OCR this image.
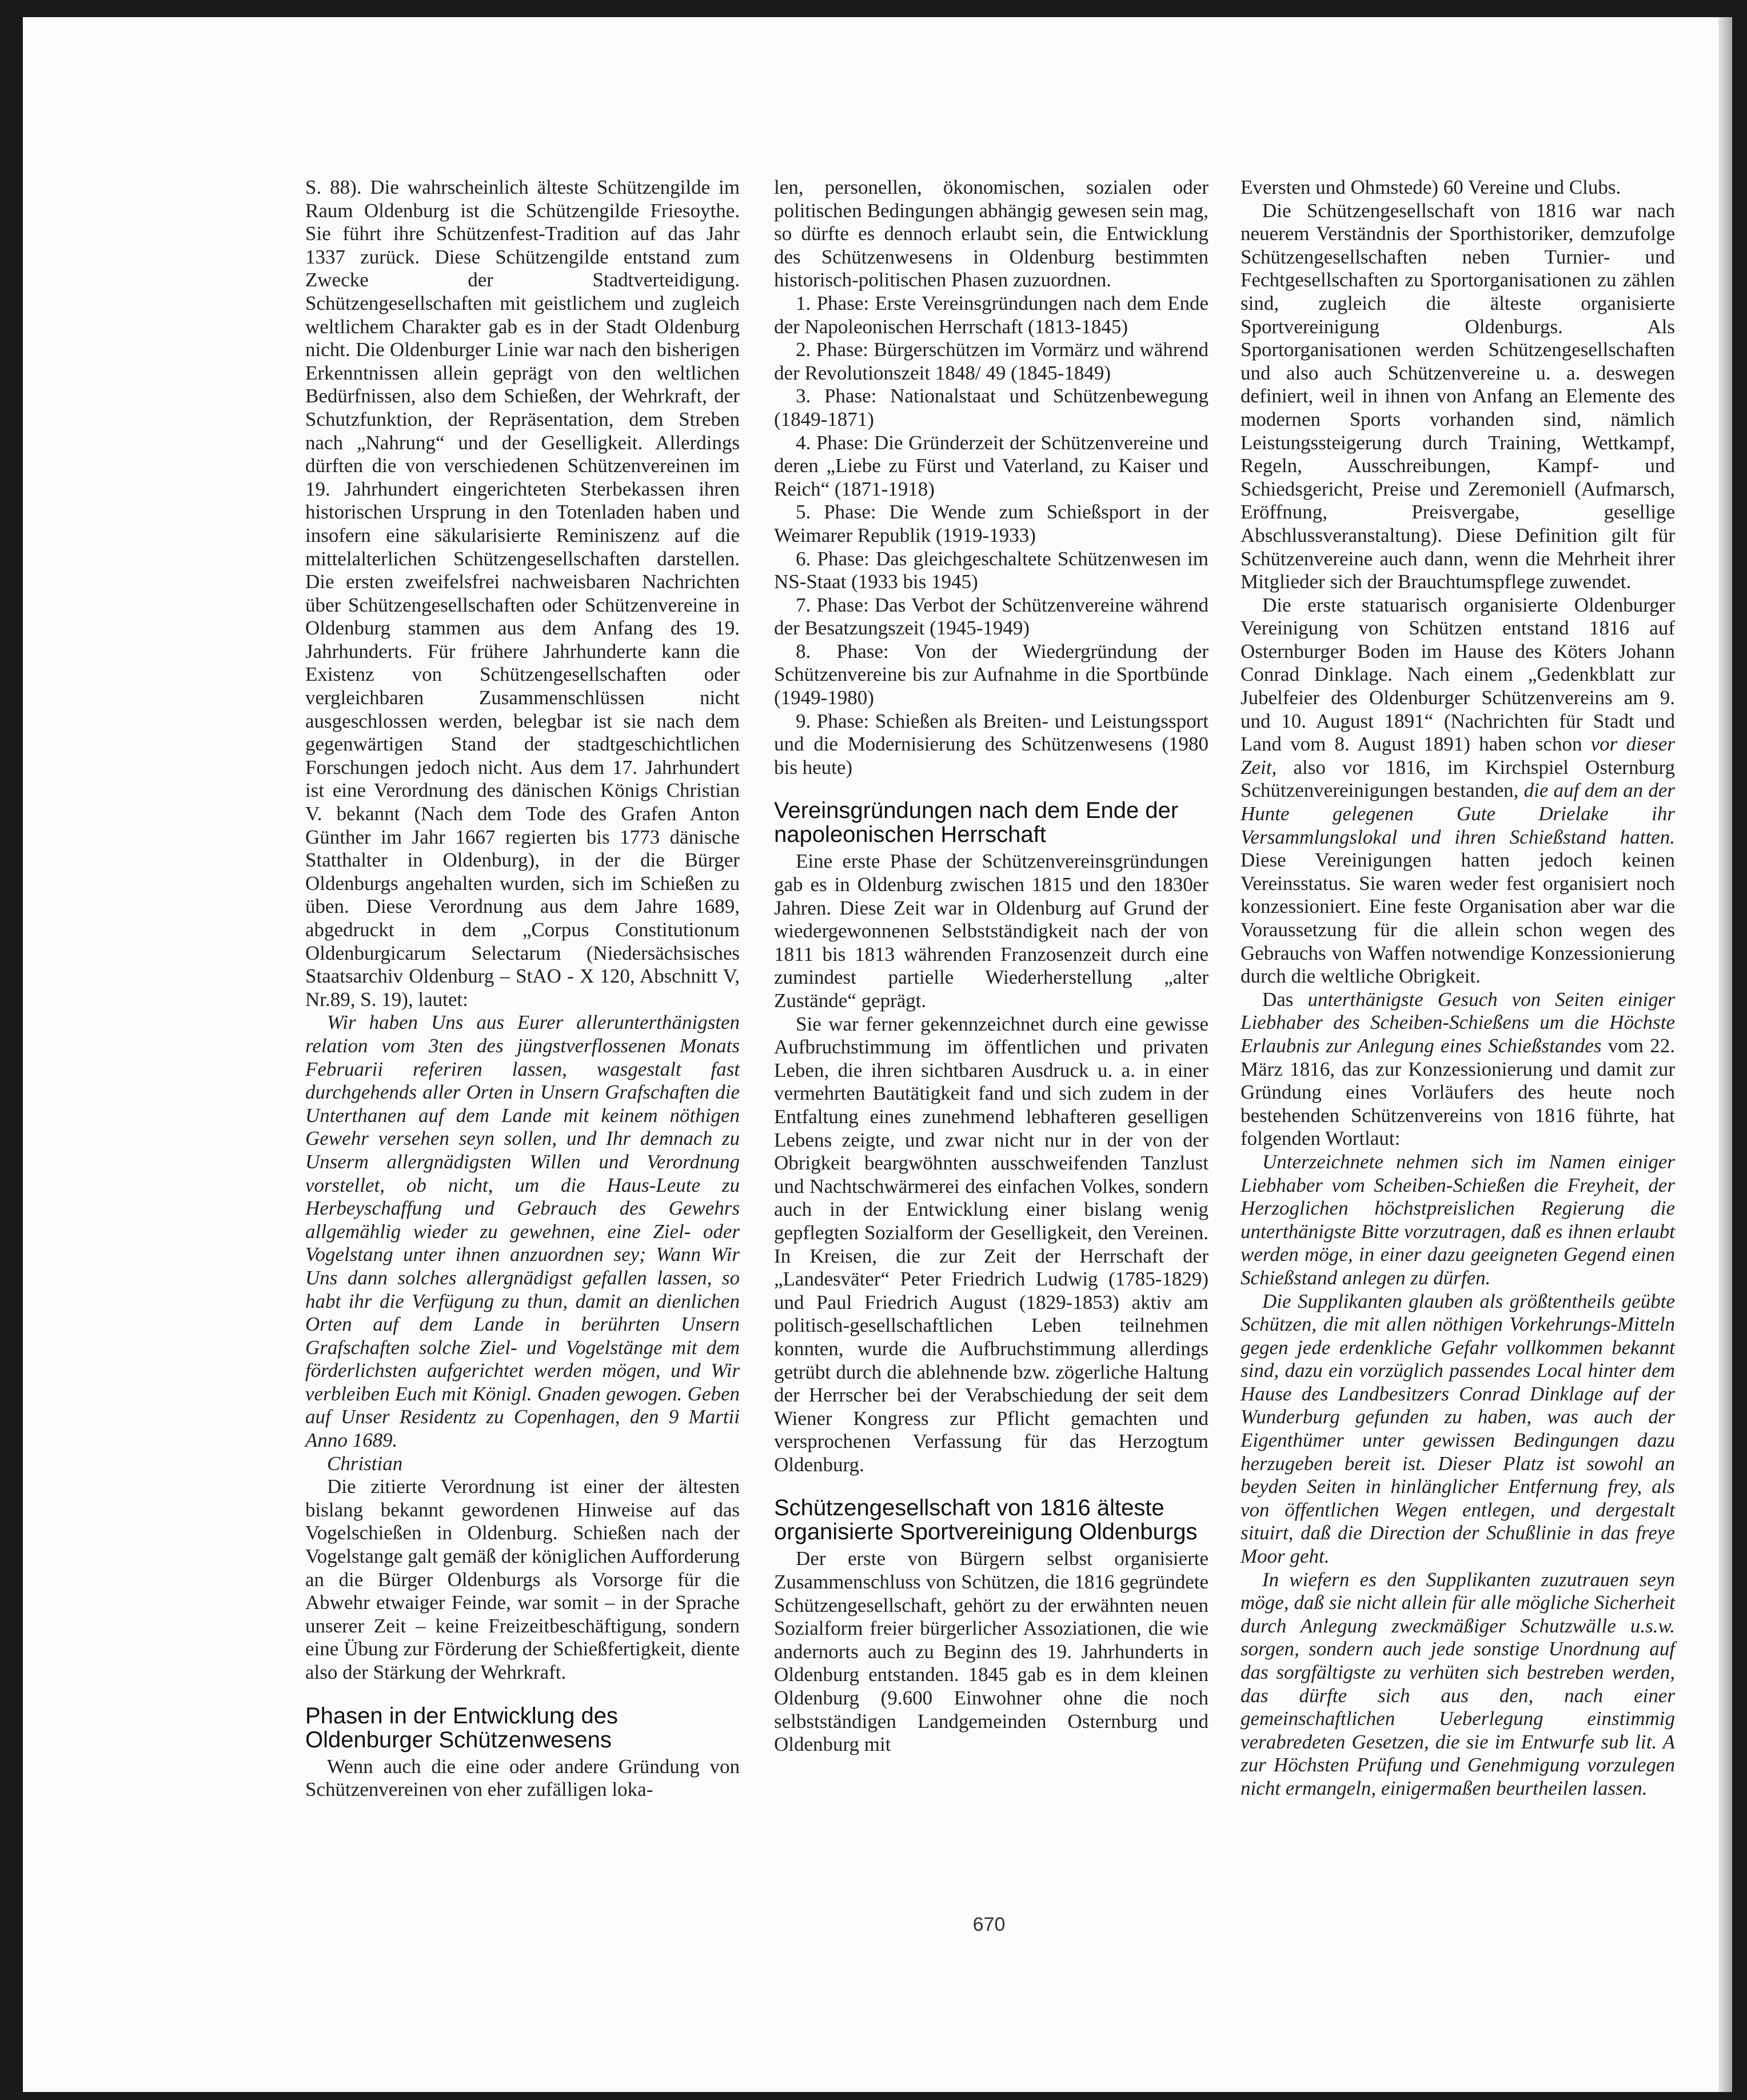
S. 88). Die wahrscheinlich älteste Schützengilde im Raum Oldenburg ist die Schützengilde Friesoythe. Sie führt ihre Schützenfest-Tradition auf das Jahr 1337 zurück. Diese Schützengilde entstand zum Zwecke der Stadtverteidigung. Schützengesellschaften mit geistlichem und zugleich weltlichem Charakter gab es in der Stadt Oldenburg nicht. Die Oldenburger Linie war nach den bisherigen Erkenntnissen allein geprägt von den weltlichen Bedürfnissen, also dem Schießen, der Wehrkraft, der Schutzfunktion, der Repräsentation, dem Streben nach „Nahrung“ und der Geselligkeit. Allerdings dürften die von verschiedenen Schützenvereinen im 19. Jahrhundert eingerichteten Sterbekassen ihren historischen Ursprung in den Totenladen haben und insofern eine säkularisierte Reminiszenz auf die mittelalterlichen Schützengesellschaften darstellen. Die ersten zweifelsfrei nachweisbaren Nachrichten über Schützengesellschaften oder Schützenvereine in Oldenburg stammen aus dem Anfang des 19. Jahrhunderts. Für frühere Jahrhunderte kann die Existenz von Schützengesellschaften oder vergleichbaren Zusammenschlüssen nicht ausgeschlossen werden, belegbar ist sie nach dem gegenwärtigen Stand der stadtgeschichtlichen Forschungen jedoch nicht. Aus dem 17. Jahrhundert ist eine Verordnung des dänischen Königs Christian V. bekannt (Nach dem Tode des Grafen Anton Günther im Jahr 1667 regierten bis 1773 dänische Statthalter in Oldenburg), in der die Bürger Oldenburgs angehalten wurden, sich im Schießen zu üben. Diese Verordnung aus dem Jahre 1689, abgedruckt in dem „Corpus Constitutionum Oldenburgicarum Selectarum (Niedersächsisches Staatsarchiv Oldenburg – StAO - X 120, Abschnitt V, Nr.89, S. 19), lautet:

Wir haben Uns aus Eurer allerunterthänigsten relation vom 3ten des jüngstverflossenen Monats Februarii referiren lassen, wasgestalt fast durchgehends aller Orten in Unsern Grafschaften die Unterthanen auf dem Lande mit keinem nöthigen Gewehr versehen seyn sollen, und Ihr demnach zu Unserm allergnädigsten Willen und Verordnung vorstellet, ob nicht, um die Haus-Leute zu Herbeyschaffung und Gebrauch des Gewehrs allgemählig wieder zu gewehnen, eine Ziel- oder Vogelstang unter ihnen anzuordnen sey; Wann Wir Uns dann solches allergnädigst gefallen lassen, so habt ihr die Verfügung zu thun, damit an dienlichen Orten auf dem Lande in berührten Unsern Grafschaften solche Ziel- und Vogelstänge mit dem förderlichsten aufgerichtet werden mögen, und Wir verbleiben Euch mit Königl. Gnaden gewogen. Geben auf Unser Residentz zu Copenhagen, den 9 Martii Anno 1689.

Christian

Die zitierte Verordnung ist einer der ältesten bislang bekannt gewordenen Hinweise auf das Vogelschießen in Oldenburg. Schießen nach der Vogelstange galt gemäß der königlichen Aufforderung an die Bürger Oldenburgs als Vorsorge für die Abwehr etwaiger Feinde, war somit – in der Sprache unserer Zeit – keine Freizeitbeschäftigung, sondern eine Übung zur Förderung der Schießfertigkeit, diente also der Stärkung der Wehrkraft.

Phasen in der Entwicklung des Oldenburger Schützenwesens

Wenn auch die eine oder andere Gründung von Schützenvereinen von eher zufälligen loka-

len, personellen, ökonomischen, sozialen oder politischen Bedingungen abhängig gewesen sein mag, so dürfte es dennoch erlaubt sein, die Entwicklung des Schützenwesens in Oldenburg bestimmten historisch-politischen Phasen zuzuordnen.

1. Phase: Erste Vereinsgründungen nach dem Ende der Napoleonischen Herrschaft (1813-1845)

2. Phase: Bürgerschützen im Vormärz und während der Revolutionszeit 1848/ 49 (1845-1849)

3. Phase: Nationalstaat und Schützenbewegung (1849-1871)

4. Phase: Die Gründerzeit der Schützenvereine und deren „Liebe zu Fürst und Vaterland, zu Kaiser und Reich“ (1871-1918)

5. Phase: Die Wende zum Schießsport in der Weimarer Republik (1919-1933)

6. Phase: Das gleichgeschaltete Schützenwesen im NS-Staat (1933 bis 1945)

7. Phase: Das Verbot der Schützenvereine während der Besatzungszeit (1945-1949)

8. Phase: Von der Wiedergründung der Schützenvereine bis zur Aufnahme in die Sportbünde (1949-1980)

9. Phase: Schießen als Breiten- und Leistungssport und die Modernisierung des Schützenwesens (1980 bis heute)

Vereinsgründungen nach dem Ende der napoleonischen Herrschaft

Eine erste Phase der Schützenvereinsgründungen gab es in Oldenburg zwischen 1815 und den 1830er Jahren. Diese Zeit war in Oldenburg auf Grund der wiedergewonnenen Selbstständigkeit nach der von 1811 bis 1813 währenden Franzosenzeit durch eine zumindest partielle Wiederherstellung „alter Zustände“ geprägt.

Sie war ferner gekennzeichnet durch eine gewisse Aufbruchstimmung im öffentlichen und privaten Leben, die ihren sichtbaren Ausdruck u. a. in einer vermehrten Bautätigkeit fand und sich zudem in der Entfaltung eines zunehmend lebhafteren geselligen Lebens zeigte, und zwar nicht nur in der von der Obrigkeit beargwöhnten ausschweifenden Tanzlust und Nachtschwärmerei des einfachen Volkes, sondern auch in der Entwicklung einer bislang wenig gepflegten Sozialform der Geselligkeit, den Vereinen. In Kreisen, die zur Zeit der Herrschaft der „Landesväter“ Peter Friedrich Ludwig (1785-1829) und Paul Friedrich August (1829-1853) aktiv am politisch-gesellschaftlichen Leben teilnehmen konnten, wurde die Aufbruchstimmung allerdings getrübt durch die ablehnende bzw. zögerliche Haltung der Herrscher bei der Verabschiedung der seit dem Wiener Kongress zur Pflicht gemachten und versprochenen Verfassung für das Herzogtum Oldenburg.

Schützengesellschaft von 1816 älteste organisierte Sportvereinigung Oldenburgs

Der erste von Bürgern selbst organisierte Zusammenschluss von Schützen, die 1816 gegründete Schützengesellschaft, gehört zu der erwähnten neuen Sozialform freier bürgerlicher Assoziationen, die wie andernorts auch zu Beginn des 19. Jahrhunderts in Oldenburg entstanden. 1845 gab es in dem kleinen Oldenburg (9.600 Einwohner ohne die noch selbstständigen Landgemeinden Osternburg und Oldenburg mit

Eversten und Ohmstede) 60 Vereine und Clubs.

Die Schützengesellschaft von 1816 war nach neuerem Verständnis der Sporthistoriker, demzufolge Schützengesellschaften neben Turnier- und Fechtgesellschaften zu Sportorganisationen zu zählen sind, zugleich die älteste organisierte Sportvereinigung Oldenburgs. Als Sportorganisationen werden Schützengesellschaften und also auch Schützenvereine u. a. deswegen definiert, weil in ihnen von Anfang an Elemente des modernen Sports vorhanden sind, nämlich Leistungssteigerung durch Training, Wettkampf, Regeln, Ausschreibungen, Kampf- und Schiedsgericht, Preise und Zeremoniell (Aufmarsch, Eröffnung, Preisvergabe, gesellige Abschlussveranstaltung). Diese Definition gilt für Schützenvereine auch dann, wenn die Mehrheit ihrer Mitglieder sich der Brauchtumspflege zuwendet.

Die erste statuarisch organisierte Oldenburger Vereinigung von Schützen entstand 1816 auf Osternburger Boden im Hause des Köters Johann Conrad Dinklage. Nach einem „Gedenkblatt zur Jubelfeier des Oldenburger Schützenvereins am 9. und 10. August 1891“ (Nachrichten für Stadt und Land vom 8. August 1891) haben schon vor dieser Zeit, also vor 1816, im Kirchspiel Osternburg Schützenvereinigungen bestanden, die auf dem an der Hunte gelegenen Gute Drielake ihr Versammlungslokal und ihren Schießstand hatten. Diese Vereinigungen hatten jedoch keinen Vereinsstatus. Sie waren weder fest organisiert noch konzessioniert. Eine feste Organisation aber war die Voraussetzung für die allein schon wegen des Gebrauchs von Waffen notwendige Konzessionierung durch die weltliche Obrigkeit.

Das unterthänigste Gesuch von Seiten einiger Liebhaber des Scheiben-Schießens um die Höchste Erlaubnis zur Anlegung eines Schießstandes vom 22. März 1816, das zur Konzessionierung und damit zur Gründung eines Vorläufers des heute noch bestehenden Schützenvereins von 1816 führte, hat folgenden Wortlaut:

Unterzeichnete nehmen sich im Namen einiger Liebhaber vom Scheiben-Schießen die Freyheit, der Herzoglichen höchstpreislichen Regierung die unterthänigste Bitte vorzutragen, daß es ihnen erlaubt werden möge, in einer dazu geeigneten Gegend einen Schießstand anlegen zu dürfen.

Die Supplikanten glauben als größtentheils geübte Schützen, die mit allen nöthigen Vorkehrungs-Mitteln gegen jede erdenkliche Gefahr vollkommen bekannt sind, dazu ein vorzüglich passendes Local hinter dem Hause des Landbesitzers Conrad Dinklage auf der Wunderburg gefunden zu haben, was auch der Eigenthümer unter gewissen Bedingungen dazu herzugeben bereit ist. Dieser Platz ist sowohl an beyden Seiten in hinlänglicher Entfernung frey, als von öffentlichen Wegen entlegen, und dergestalt situirt, daß die Direction der Schußlinie in das freye Moor geht.

In wiefern es den Supplikanten zuzutrauen seyn möge, daß sie nicht allein für alle mögliche Sicherheit durch Anlegung zweckmäßiger Schutzwälle u.s.w. sorgen, sondern auch jede sonstige Unordnung auf das sorgfältigste zu verhüten sich bestreben werden, das dürfte sich aus den, nach einer gemeinschaftlichen Ueberlegung einstimmig verabredeten Gesetzen, die sie im Entwurfe sub lit. A zur Höchsten Prüfung und Genehmigung vorzulegen nicht ermangeln, einigermaßen beurtheilen lassen.

670
